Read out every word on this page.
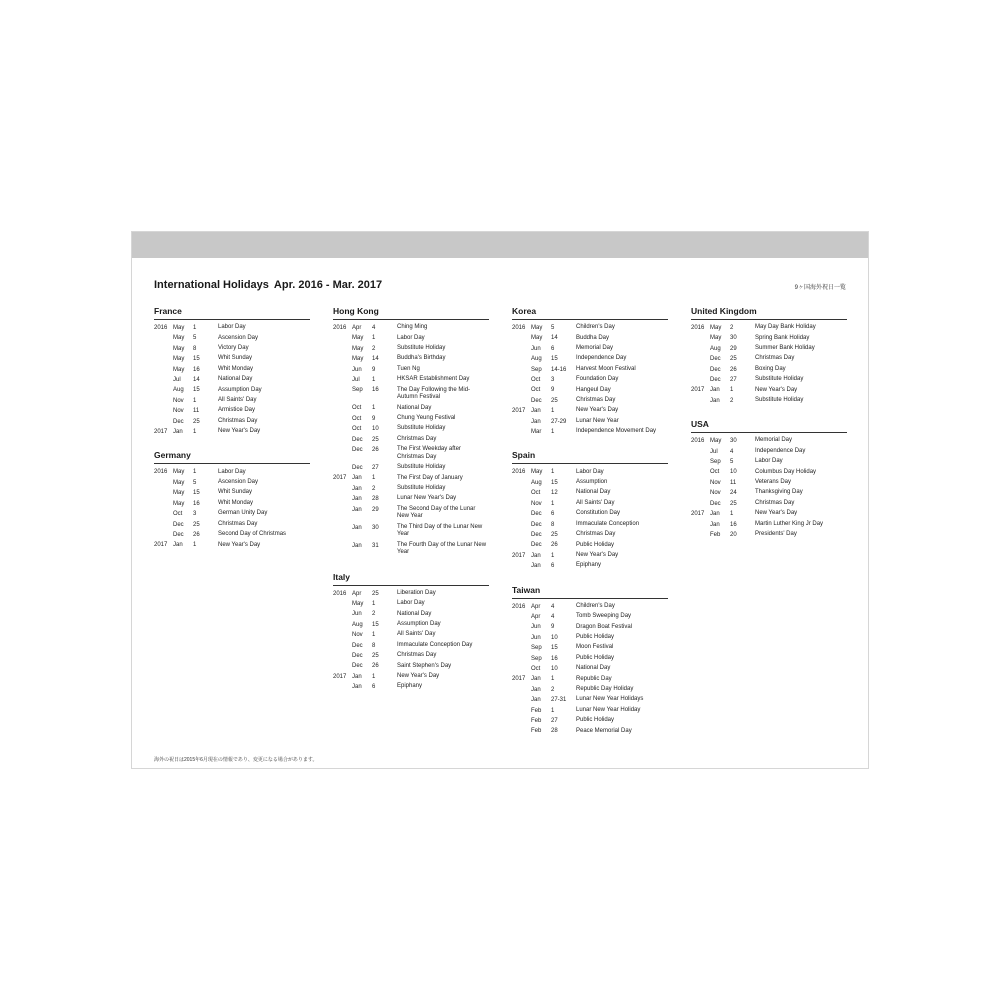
International Holidays Apr. 2016 - Mar. 2017	9ヶ国海外祝日一覧
France
2016 May	1	Labor Day
May	5	Ascension Day
May	8	Victory Day
May	15	Whit Sunday
May	16	Whit Monday
Jul	14	National Day
Aug	15	Assumption Day
Nov	1	All Saints' Day
Nov	11	Armistice Day
Dec	25	Christmas Day
2017 Jan	1	New Year's Day
Germany
2016 May	1	Labor Day
May	5	Ascension Day
May	15	Whit Sunday
May	16	Whit Monday
Oct	3	German Unity Day
Dec	25	Christmas Day
Dec	26	Second Day of Christmas
2017 Jan	1	New Year's Day
Hong Kong
2016 Apr	4	Ching Ming
May	1	Labor Day
May	2	Substitute Holiday
May	14	Buddha's Birthday
Jun	9	Tuen Ng
Jul	1	HKSAR Establishment Day
Sep	16	The Day Following the Mid-Autumn Festival
Oct	1	National Day
Oct	9	Chung Yeung Festival
Oct	10	Substitute Holiday
Dec	25	Christmas Day
Dec	26	The First Weekday after Christmas Day
Dec	27	Substitute Holiday
2017 Jan	1	The First Day of January
Jan	2	Substitute Holiday
Jan	28	Lunar New Year's Day
Jan	29	The Second Day of the Lunar New Year
Jan	30	The Third Day of the Lunar New Year
Jan	31	The Fourth Day of the Lunar New Year
Italy
2016 Apr	25	Liberation Day
May	1	Labor Day
Jun	2	National Day
Aug	15	Assumption Day
Nov	1	All Saints' Day
Dec	8	Immaculate Conception Day
Dec	25	Christmas Day
Dec	26	Saint Stephen's Day
2017 Jan	1	New Year's Day
Jan	6	Epiphany
Korea
2016 May	5	Children's Day
May	14	Buddha Day
Jun	6	Memorial Day
Aug	15	Independence Day
Sep	14-16	Harvest Moon Festival
Oct	3	Foundation Day
Oct	9	Hangeul Day
Dec	25	Christmas Day
2017 Jan	1	New Year's Day
Jan	27-29	Lunar New Year
Mar	1	Independence Movement Day
Spain
2016 May	1	Labor Day
Aug	15	Assumption
Oct	12	National Day
Nov	1	All Saints' Day
Dec	6	Constitution Day
Dec	8	Immaculate Conception
Dec	25	Christmas Day
Dec	26	Public Holiday
2017 Jan	1	New Year's Day
Jan	6	Epiphany
Taiwan
2016 Apr	4	Children's Day
Apr	4	Tomb Sweeping Day
Jun	9	Dragon Boat Festival
Jun	10	Public Holiday
Sep	15	Moon Festival
Sep	16	Public Holiday
Oct	10	National Day
2017 Jan	1	Republic Day
Jan	2	Republic Day Holiday
Jan	27-31	Lunar New Year Holidays
Feb	1	Lunar New Year Holiday
Feb	27	Public Holiday
Feb	28	Peace Memorial Day
United Kingdom
2016 May	2	May Day Bank Holiday
May	30	Spring Bank Holiday
Aug	29	Summer Bank Holiday
Dec	25	Christmas Day
Dec	26	Boxing Day
Dec	27	Substitute Holiday
2017 Jan	1	New Year's Day
Jan	2	Substitute Holiday
USA
2016 May	30	Memorial Day
Jul	4	Independence Day
Sep	5	Labor Day
Oct	10	Columbus Day Holiday
Nov	11	Veterans Day
Nov	24	Thanksgiving Day
Dec	25	Christmas Day
2017 Jan	1	New Year's Day
Jan	16	Martin Luther King Jr Day
Feb	20	Presidents' Day
海外の祝日は2015年6月現在の情報であり、変更になる場合があります。
